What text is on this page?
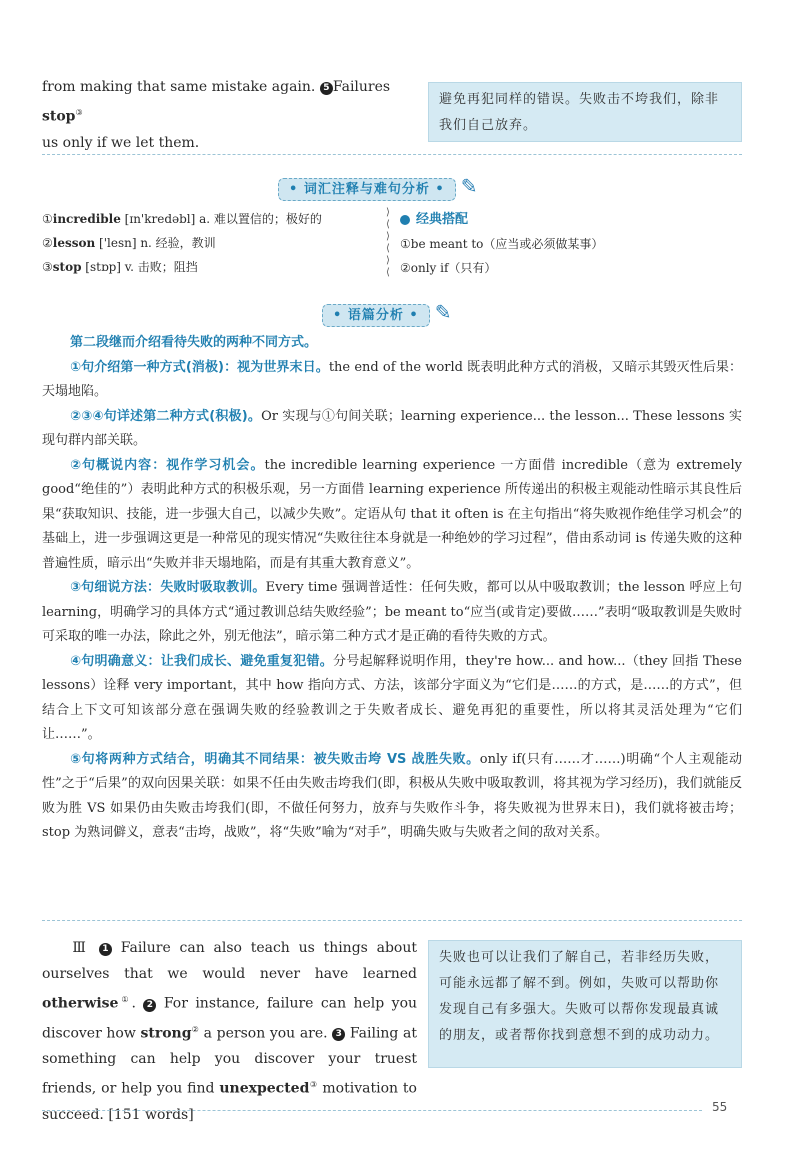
from making that same mistake again. 5 Failures stop③
us only if we let them.
避免再犯同样的错误。失败击不垮我们，除非我们自己放弃。
• 词汇注释与难句分析 • ✎
①incredible [ɪn'kredəbl] a. 难以置信的；极好的
②lesson ['lesn] n. 经验，教训
③stop [stɒp] v. 击败；阻挡
⟩
⟨
⟩
⟨
⟩
⟨
经典搭配
①be meant to（应当或必须做某事）
②only if（只有）
• 语篇分析 • ✎

第二段继而介绍看待失败的两种不同方式。

①句介绍第一种方式(消极)：视为世界末日。the end of the world 既表明此种方式的消极，又暗示其毁灭性后果：天塌地陷。

②③④句详述第二种方式(积极)。Or 实现与①句间关联；learning experience... the lesson... These lessons 实现句群内部关联。

②句概说内容：视作学习机会。the incredible learning experience 一方面借 incredible（意为 extremely good“绝佳的”）表明此种方式的积极乐观，另一方面借 learning experience 所传递出的积极主观能动性暗示其良性后果“获取知识、技能，进一步强大自己，以减少失败”。定语从句 that it often is 在主句指出“将失败视作绝佳学习机会”的基础上，进一步强调这更是一种常见的现实情况“失败往往本身就是一种绝妙的学习过程”，借由系动词 is 传递失败的这种普遍性质，暗示出“失败并非天塌地陷，而是有其重大教育意义”。

③句细说方法：失败时吸取教训。Every time 强调普适性：任何失败，都可以从中吸取教训；the lesson 呼应上句 learning，明确学习的具体方式“通过教训总结失败经验”；be meant to“应当(或肯定)要做……”表明“吸取教训是失败时可采取的唯一办法，除此之外，别无他法”，暗示第二种方式才是正确的看待失败的方式。

④句明确意义：让我们成长、避免重复犯错。分号起解释说明作用，they're how... and how...（they 回指 These lessons）诠释 very important，其中 how 指向方式、方法，该部分字面义为“它们是……的方式，是……的方式”，但结合上下文可知该部分意在强调失败的经验教训之于失败者成长、避免再犯的重要性，所以将其灵活处理为“它们让……”。

⑤句将两种方式结合，明确其不同结果：被失败击垮 VS 战胜失败。only if(只有……才……)明确“个人主观能动性”之于“后果”的双向因果关联：如果不任由失败击垮我们(即，积极从失败中吸取教训，将其视为学习经历)，我们就能反败为胜 VS 如果仍由失败击垮我们(即，不做任何努力，放弃与失败作斗争，将失败视为世界末日)，我们就将被击垮；stop 为熟词僻义，意表“击垮，战败”，将“失败”喻为“对手”，明确失败与失败者之间的敌对关系。

Ⅲ 1 Failure can also teach us things about ourselves that we would never have learned otherwise①. 2 For instance, failure can help you discover how strong② a person you are. 3 Failing at something can help you discover your truest friends, or help you find unexpected③ motivation to succeed. [151 words]
失败也可以让我们了解自己，若非经历失败，可能永远都了解不到。例如，失败可以帮助你发现自己有多强大。失败可以帮你发现最真诚的朋友，或者帮你找到意想不到的成功动力。
55
